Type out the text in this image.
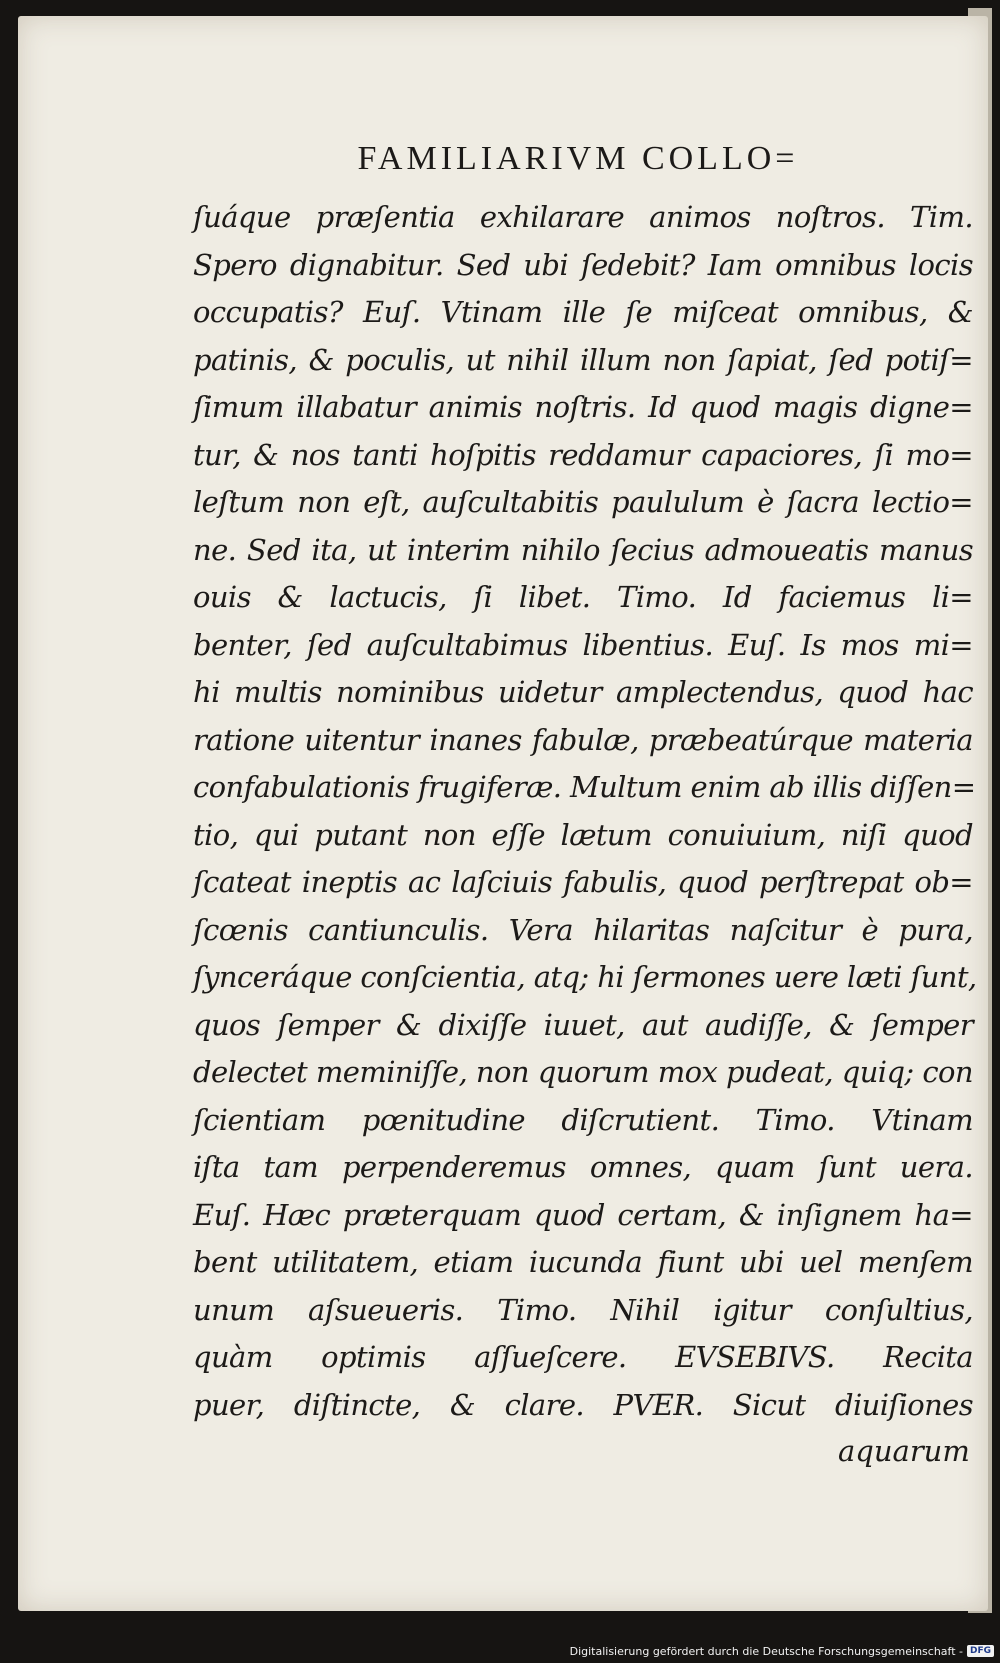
FAMILIARIVM COLLO=
ſuáque præſentia exhilarare animos noſtros. Tim.
Spero dignabitur. Sed ubi ſedebit? Iam omnibus locis
occupatis? Euſ. Vtinam ille ſe miſceat omnibus, &
patinis, & poculis, ut nihil illum non ſapiat, ſed potiſ=
ſimum illabatur animis noſtris. Id quod magis digne=
tur, & nos tanti hoſpitis reddamur capaciores, ſi mo=
leſtum non eſt, auſcultabitis paululum è ſacra lectio=
ne. Sed ita, ut interim nihilo ſecius admoueatis manus
ouis & lactucis, ſi libet. Timo. Id faciemus li=
benter, ſed auſcultabimus libentius. Euſ. Is mos mi=
hi multis nominibus uidetur amplectendus, quod hac
ratione uitentur inanes fabulæ, præbeatúrque materia
confabulationis frugiferæ. Multum enim ab illis diſſen=
tio, qui putant non eſſe lætum conuiuium, niſi quod
ſcateat ineptis ac laſciuis fabulis, quod perſtrepat ob=
ſcœnis cantiunculis. Vera hilaritas naſcitur è pura,
ſynceráque conſcientia, atq; hi ſermones uere læti ſunt,
quos ſemper & dixiſſe iuuet, aut audiſſe, & ſemper
delectet meminiſſe, non quorum mox pudeat, quiq; con
ſcientiam pœnitudine diſcrutient. Timo. Vtinam
iſta tam perpenderemus omnes, quam ſunt uera.
Euſ. Hæc præterquam quod certam, & inſignem ha=
bent utilitatem, etiam iucunda fiunt ubi uel menſem
unum aſsueueris. Timo. Nihil igitur conſultius,
quàm optimis aſſueſcere. EVSEBIVS. Recita
puer, diſtincte, & clare. PVER. Sicut diuiſiones
aquarum
Digitalisierung gefördert durch die Deutsche Forschungsgemeinschaft - DFG
